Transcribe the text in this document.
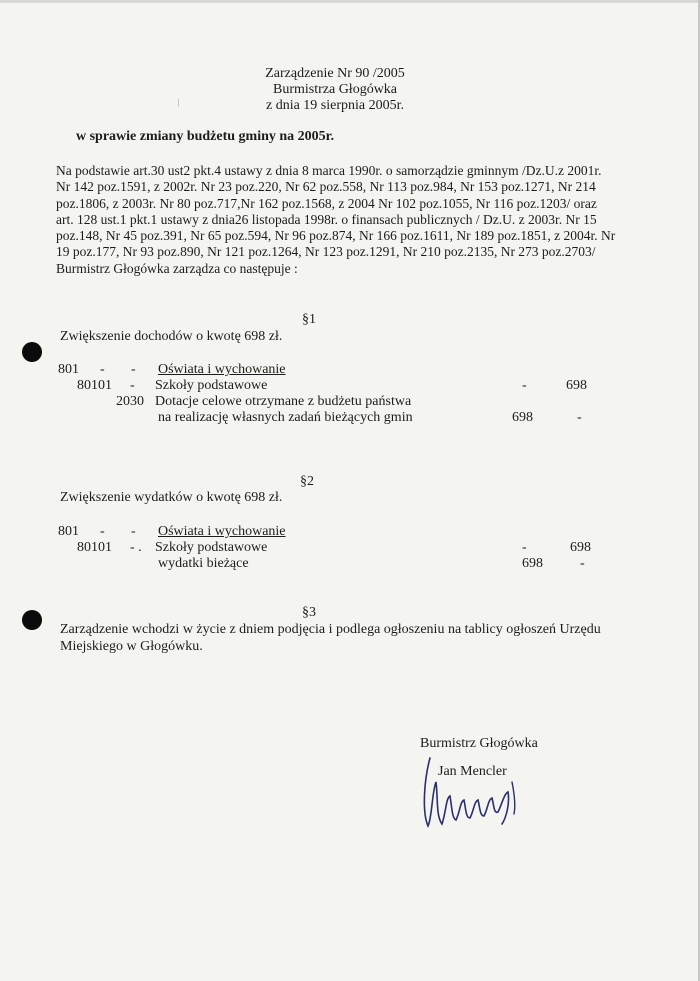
⁄
Zarządzenie Nr 90 /2005
Burmistrza Głogówka
z dnia 19 sierpnia 2005r.
w sprawie zmiany budżetu gminy na 2005r.
Na podstawie art.30 ust2 pkt.4 ustawy z dnia 8 marca 1990r. o samorządzie gminnym /Dz.U.z 2001r.
Nr 142 poz.1591, z 2002r. Nr 23 poz.220, Nr 62 poz.558, Nr 113 poz.984, Nr 153 poz.1271, Nr 214
poz.1806, z 2003r. Nr 80 poz.717,Nr 162 poz.1568, z 2004 Nr 102 poz.1055, Nr 116 poz.1203/ oraz
art. 128 ust.1 pkt.1 ustawy z dnia26 listopada 1998r. o finansach publicznych / Dz.U. z 2003r. Nr 15
poz.148, Nr 45 poz.391, Nr 65 poz.594, Nr 96 poz.874, Nr 166 poz.1611, Nr 189 poz.1851, z 2004r. Nr
19 poz.177, Nr 93 poz.890, Nr 121 poz.1264, Nr 123 poz.1291, Nr 210 poz.2135, Nr 273 poz.2703/
Burmistrz Głogówka zarządza co następuje :
§1
Zwiększenie dochodów o kwotę 698 zł.
801 - - Oświata i wychowanie
80101 - Szkoły podstawowe	-	698
2030 Dotacje celowe otrzymane z budżetu państwa
na realizację własnych zadań bieżących gmin	698	-
§2
Zwiększenie wydatków o kwotę 698 zł.
801 - - Oświata i wychowanie
80101 - . Szkoły podstawowe	-	698
wydatki bieżące	698	-
§3
Zarządzenie wchodzi w życie z dniem podjęcia i podlega ogłoszeniu na tablicy ogłoszeń Urzędu
Miejskiego w Głogówku.
Burmistrz Głogówka
Jan Mencler
